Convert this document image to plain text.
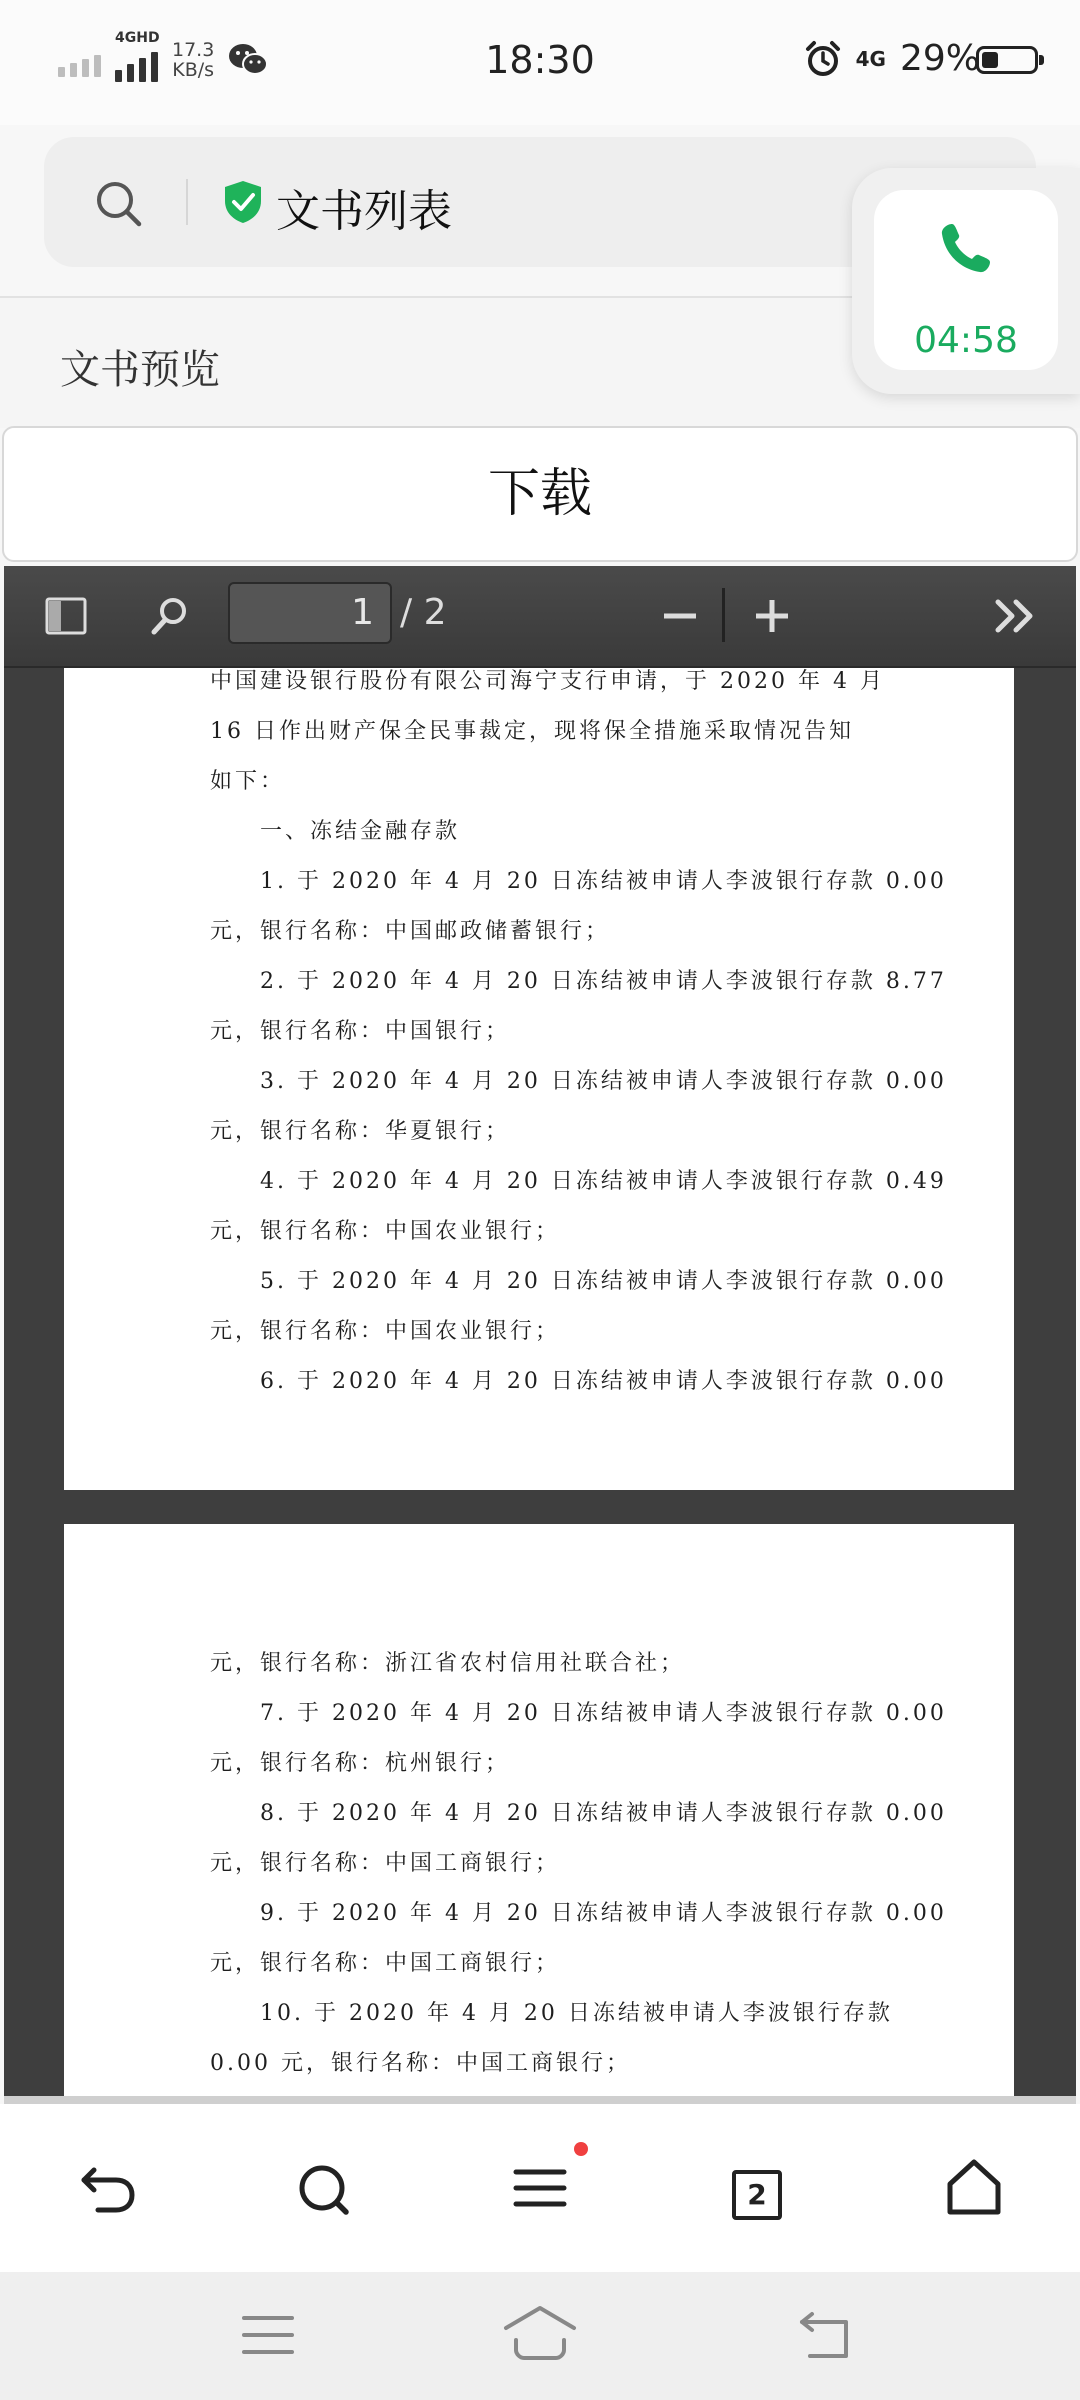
4GHD
17.3
KB/s	18:30	4G 29%
文书列表
文书预览
下载
1 / 2
中国建设银行股份有限公司海宁支行申请，于 2020 年 4 月
16 日作出财产保全民事裁定，现将保全措施采取情况告知
如下：
　　一、冻结金融存款
　　1. 于 2020 年 4 月 20 日冻结被申请人李波银行存款 0.00
元，银行名称：中国邮政储蓄银行；
　　2. 于 2020 年 4 月 20 日冻结被申请人李波银行存款 8.77
元，银行名称：中国银行；
　　3. 于 2020 年 4 月 20 日冻结被申请人李波银行存款 0.00
元，银行名称：华夏银行；
　　4. 于 2020 年 4 月 20 日冻结被申请人李波银行存款 0.49
元，银行名称：中国农业银行；
　　5. 于 2020 年 4 月 20 日冻结被申请人李波银行存款 0.00
元，银行名称：中国农业银行；
　　6. 于 2020 年 4 月 20 日冻结被申请人李波银行存款 0.00
元，银行名称：浙江省农村信用社联合社；
　　7. 于 2020 年 4 月 20 日冻结被申请人李波银行存款 0.00
元，银行名称：杭州银行；
　　8. 于 2020 年 4 月 20 日冻结被申请人李波银行存款 0.00
元，银行名称：中国工商银行；
　　9. 于 2020 年 4 月 20 日冻结被申请人李波银行存款 0.00
元，银行名称：中国工商银行；
　　10. 于 2020 年 4 月 20 日冻结被申请人李波银行存款
0.00 元，银行名称：中国工商银行；
04:58
2
